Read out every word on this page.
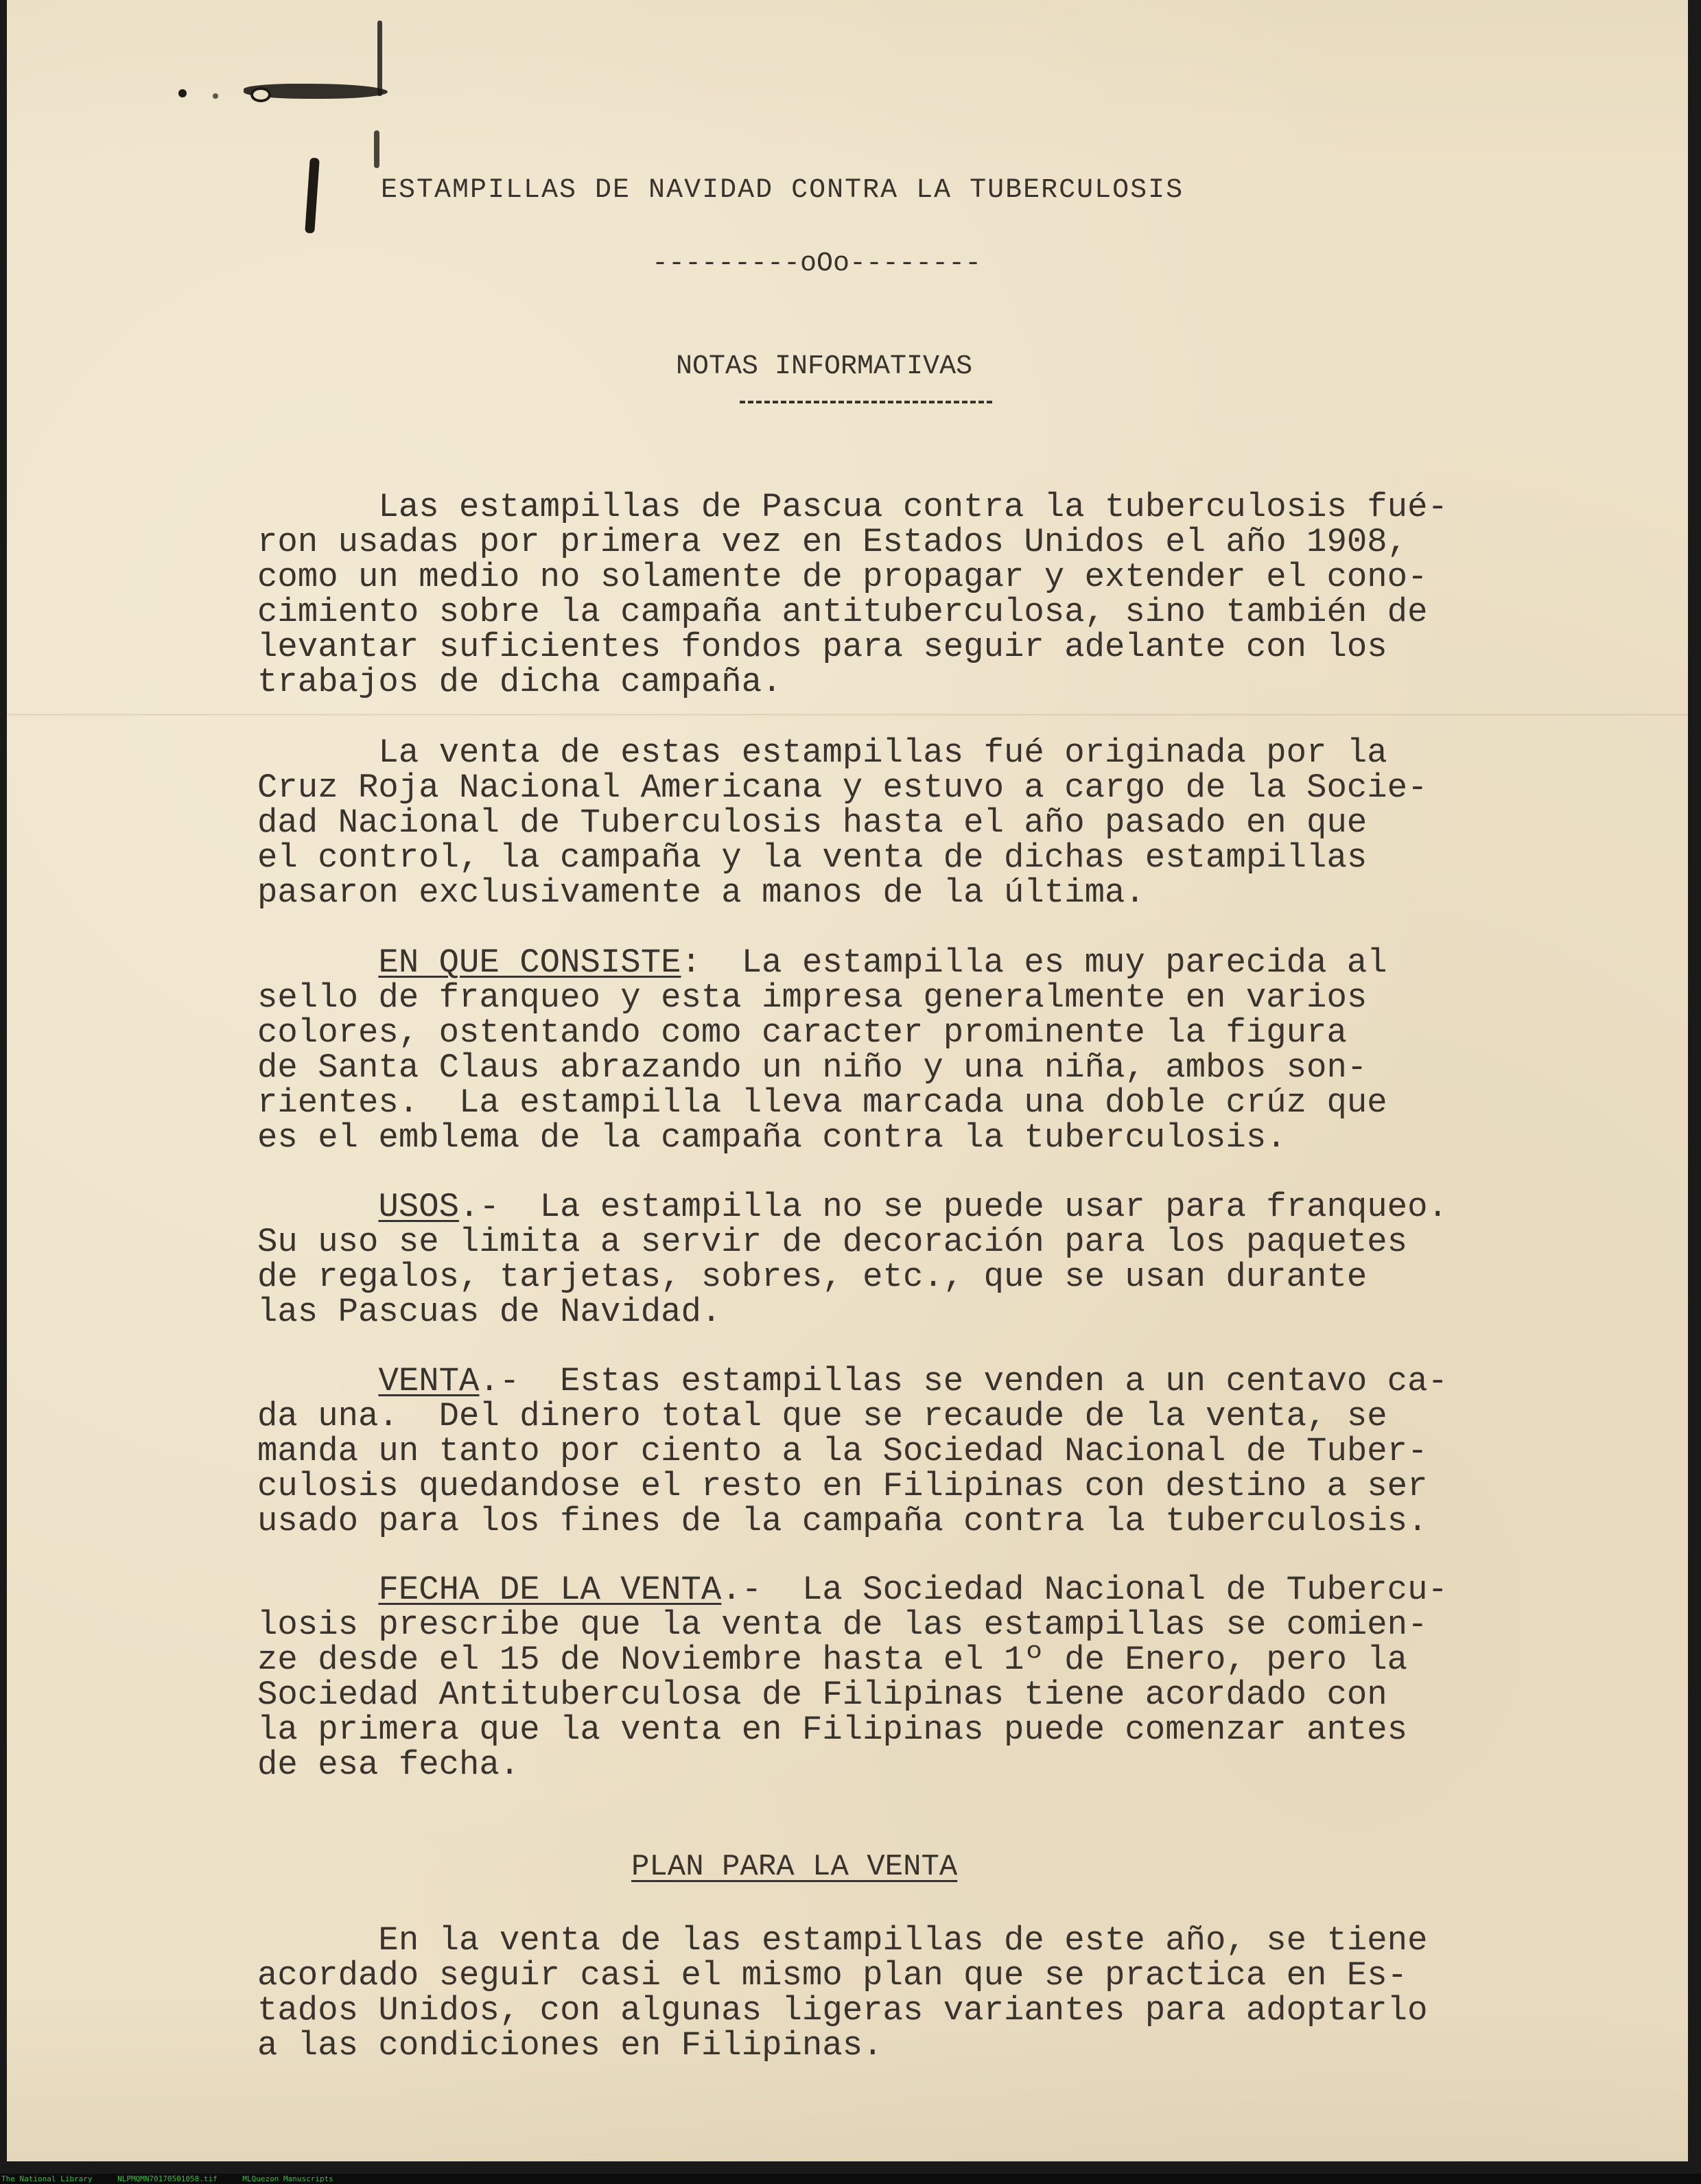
ESTAMPILLAS DE NAVIDAD CONTRA LA TUBERCULOSIS
---------oOo--------
NOTAS INFORMATIVAS
Las estampillas de Pascua contra la tuberculosis fué-
ron usadas por primera vez en Estados Unidos el año 1908,
como un medio no solamente de propagar y extender el cono-
cimiento sobre la campaña antituberculosa, sino también de
levantar suficientes fondos para seguir adelante con los
trabajos de dicha campaña.
La venta de estas estampillas fué originada por la
Cruz Roja Nacional Americana y estuvo a cargo de la Socie-
dad Nacional de Tuberculosis hasta el año pasado en que
el control, la campaña y la venta de dichas estampillas
pasaron exclusivamente a manos de la última.
EN QUE CONSISTE:  La estampilla es muy parecida al
sello de franqueo y esta impresa generalmente en varios
colores, ostentando como caracter prominente la figura
de Santa Claus abrazando un niño y una niña, ambos son-
rientes.  La estampilla lleva marcada una doble crúz que
es el emblema de la campaña contra la tuberculosis.
USOS.-  La estampilla no se puede usar para franqueo.
Su uso se limita a servir de decoración para los paquetes
de regalos, tarjetas, sobres, etc., que se usan durante
las Pascuas de Navidad.
VENTA.-  Estas estampillas se venden a un centavo ca-
da una.  Del dinero total que se recaude de la venta, se
manda un tanto por ciento a la Sociedad Nacional de Tuber-
culosis quedandose el resto en Filipinas con destino a ser
usado para los fines de la campaña contra la tuberculosis.
FECHA DE LA VENTA.-  La Sociedad Nacional de Tubercu-
losis prescribe que la venta de las estampillas se comien-
ze desde el 15 de Noviembre hasta el 1º de Enero, pero la
Sociedad Antituberculosa de Filipinas tiene acordado con
la primera que la venta en Filipinas puede comenzar antes
de esa fecha.
PLAN PARA LA VENTA
En la venta de las estampillas de este año, se tiene
acordado seguir casi el mismo plan que se practica en Es-
tados Unidos, con algunas ligeras variantes para adoptarlo
a las condiciones en Filipinas.
The National Library	NLPMQMN70170501058.tif	MLQuezon Manuscripts
